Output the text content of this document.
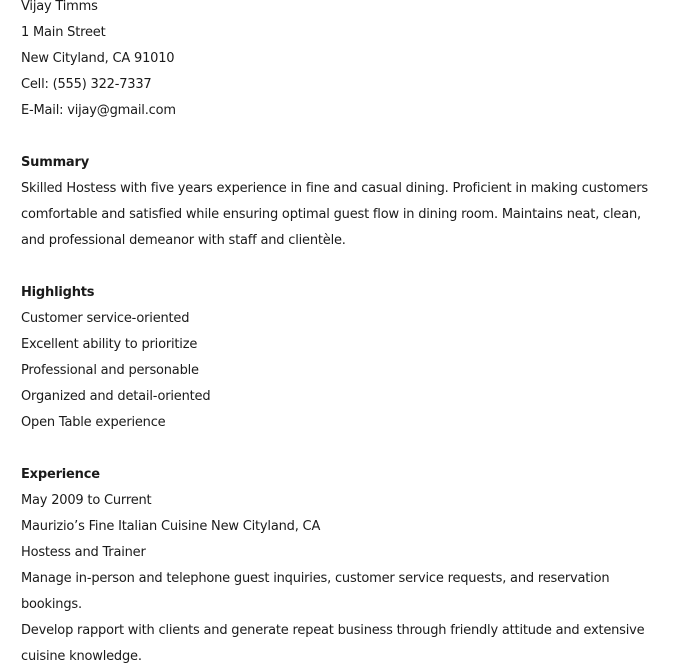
Vijay Timms
1 Main Street
New Cityland, CA 91010
Cell: (555) 322-7337
E-Mail: vijay@gmail.com
Summary
Skilled Hostess with five years experience in fine and casual dining. Proficient in making customers comfortable and satisfied while ensuring optimal guest flow in dining room. Maintains neat, clean, and professional demeanor with staff and clientèle.
Highlights
Customer service-oriented
Excellent ability to prioritize
Professional and personable
Organized and detail-oriented
Open Table experience
Experience
May 2009 to Current
Maurizio’s Fine Italian Cuisine New Cityland, CA
Hostess and Trainer
Manage in-person and telephone guest inquiries, customer service requests, and reservation bookings.
Develop rapport with clients and generate repeat business through friendly attitude and extensive cuisine knowledge.
